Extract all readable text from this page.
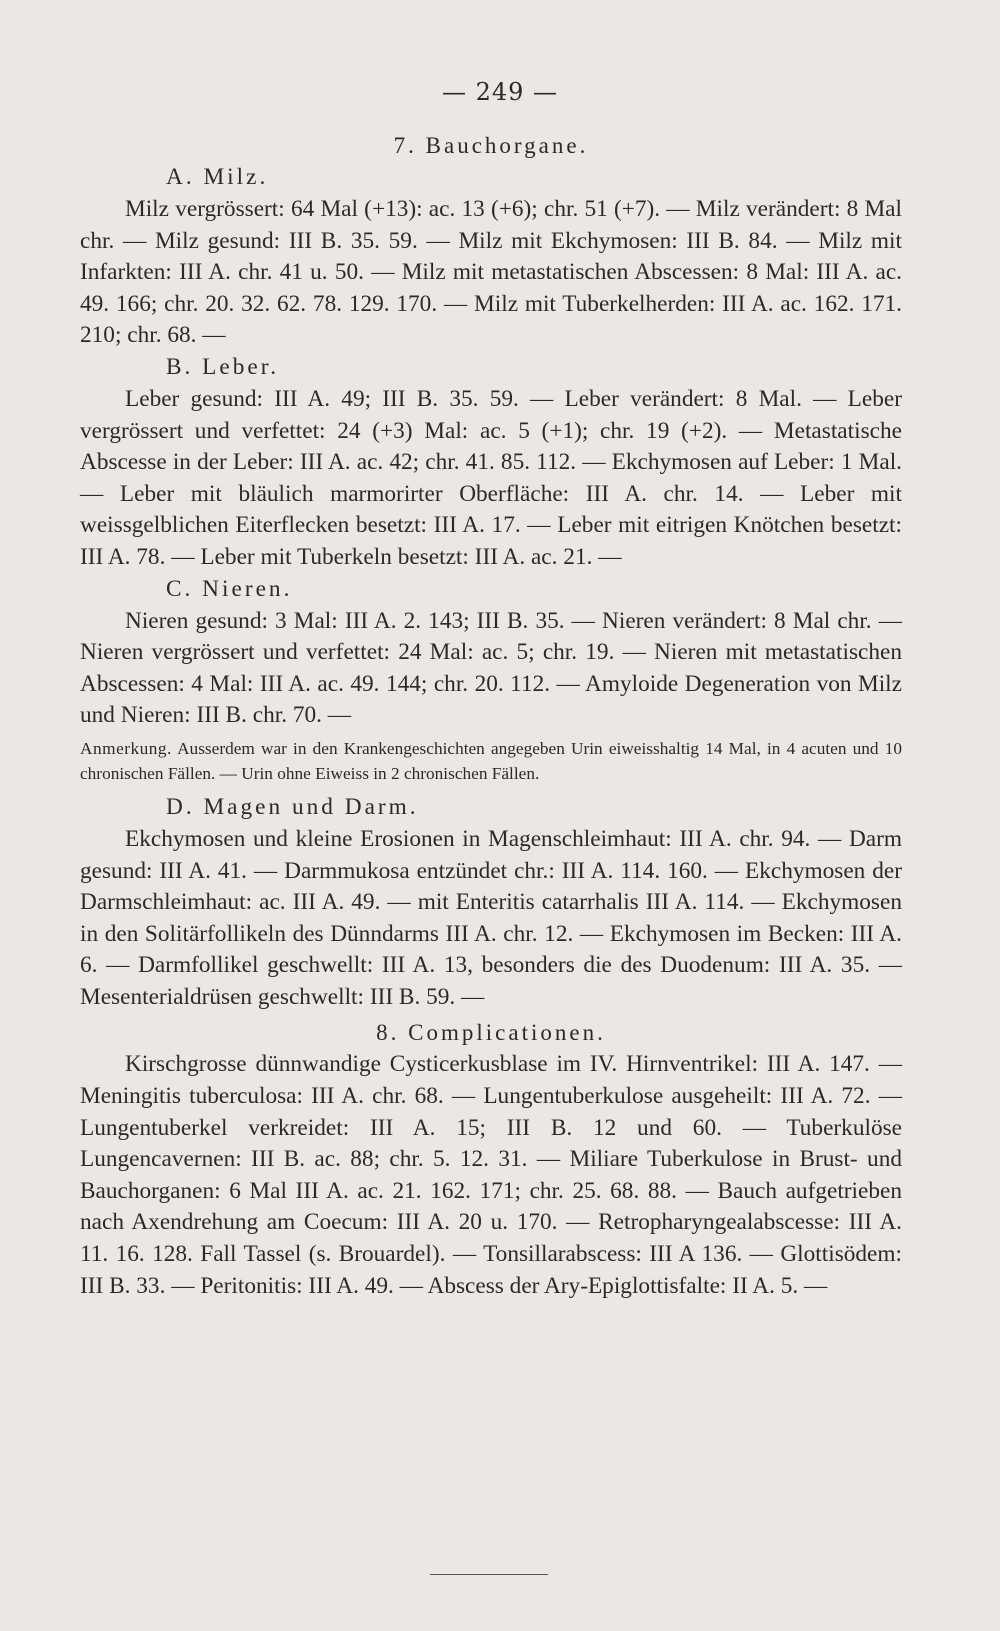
— 249 —
7. Bauchorgane.
A. Milz.

Milz vergrössert: 64 Mal (+13): ac. 13 (+6); chr. 51 (+7). — Milz verändert: 8 Mal chr. — Milz gesund: III B. 35. 59. — Milz mit Ekchymosen: III B. 84. — Milz mit Infarkten: III A. chr. 41 u. 50. — Milz mit metastatischen Abscessen: 8 Mal: III A. ac. 49. 166; chr. 20. 32. 62. 78. 129. 170. — Milz mit Tuberkelherden: III A. ac. 162. 171. 210; chr. 68. —

B. Leber.

Leber gesund: III A. 49; III B. 35. 59. — Leber verändert: 8 Mal. — Leber vergrössert und verfettet: 24 (+3) Mal: ac. 5 (+1); chr. 19 (+2). — Metastatische Abscesse in der Leber: III A. ac. 42; chr. 41. 85. 112. — Ekchymosen auf Leber: 1 Mal. — Leber mit bläulich marmorirter Oberfläche: III A. chr. 14. — Leber mit weissgelblichen Eiterflecken besetzt: III A. 17. — Leber mit eitrigen Knötchen besetzt: III A. 78. — Leber mit Tuberkeln besetzt: III A. ac. 21. —

C. Nieren.

Nieren gesund: 3 Mal: III A. 2. 143; III B. 35. — Nieren verändert: 8 Mal chr. — Nieren vergrössert und verfettet: 24 Mal: ac. 5; chr. 19. — Nieren mit metastatischen Abscessen: 4 Mal: III A. ac. 49. 144; chr. 20. 112. — Amyloide Degeneration von Milz und Nieren: III B. chr. 70. —

Anmerkung. Ausserdem war in den Krankengeschichten angegeben Urin eiweisshaltig 14 Mal, in 4 acuten und 10 chronischen Fällen. — Urin ohne Eiweiss in 2 chronischen Fällen.
D. Magen und Darm.

Ekchymosen und kleine Erosionen in Magenschleimhaut: III A. chr. 94. — Darm gesund: III A. 41. — Darmmukosa entzündet chr.: III A. 114. 160. — Ekchymosen der Darmschleimhaut: ac. III A. 49. — mit Enteritis catarrhalis III A. 114. — Ekchymosen in den Solitärfollikeln des Dünndarms III A. chr. 12. — Ekchymosen im Becken: III A. 6. — Darmfollikel geschwellt: III A. 13, besonders die des Duodenum: III A. 35. — Mesenterialdrüsen geschwellt: III B. 59. —

8. Complicationen.

Kirschgrosse dünnwandige Cysticerkusblase im IV. Hirnventrikel: III A. 147. — Meningitis tuberculosa: III A. chr. 68. — Lungentuberkulose ausgeheilt: III A. 72. — Lungentuberkel verkreidet: III A. 15; III B. 12 und 60. — Tuberkulöse Lungencavernen: III B. ac. 88; chr. 5. 12. 31. — Miliare Tuberkulose in Brust- und Bauchorganen: 6 Mal III A. ac. 21. 162. 171; chr. 25. 68. 88. — Bauch aufgetrieben nach Axendrehung am Coecum: III A. 20 u. 170. — Retropharyngealabscesse: III A. 11. 16. 128. Fall Tassel (s. Brouardel). — Tonsillarabscess: III A 136. — Glottisödem: III B. 33. — Peritonitis: III A. 49. — Abscess der Ary-Epiglottisfalte: II A. 5. —
